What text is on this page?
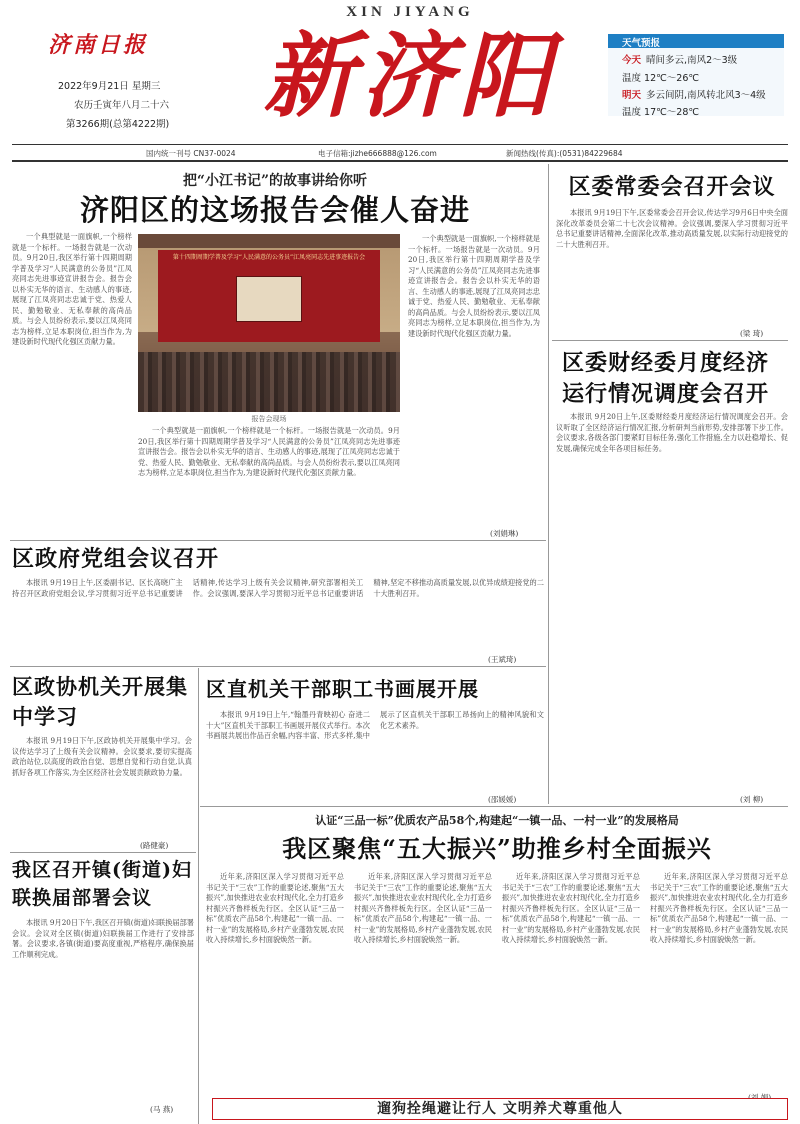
济南日报
2022年9月21日 星期三
农历壬寅年八月二十六
第3266期(总第4222期)
XIN JIYANG
新济阳	天气预报
今天 晴间多云,南风2～3级
温度 12℃～26℃
明天 多云间阴,南风转北风3～4级
温度 17℃～28℃
国内统一刊号 CN37-0024	电子信箱:jizhe666888@126.com	新闻热线(传真):(0531)84229684
把“小江书记”的故事讲给你听
济阳区的这场报告会催人奋进

一个典型就是一面旗帜,一个榜样就是一个标杆。一场报告就是一次动员。9月20日,我区举行第十四期周期学普及学习“人民满意的公务员”江凤亮同志先进事迹宣讲报告会。报告会以朴实无华的语言、生动感人的事迹,展现了江凤亮同志忠诚于党、热爱人民、勤勉敬业、无私奉献的高尚品质。与会人员纷纷表示,要以江凤亮同志为榜样,立足本职岗位,担当作为,为建设新时代现代化强区贡献力量。

第十四期周期学普及学习“人民满意的公务员”江凤亮同志先进事迹报告会
报告会现场

一个典型就是一面旗帜,一个榜样就是一个标杆。一场报告就是一次动员。9月20日,我区举行第十四期周期学普及学习“人民满意的公务员”江凤亮同志先进事迹宣讲报告会。报告会以朴实无华的语言、生动感人的事迹,展现了江凤亮同志忠诚于党、热爱人民、勤勉敬业、无私奉献的高尚品质。与会人员纷纷表示,要以江凤亮同志为榜样,立足本职岗位,担当作为,为建设新时代现代化强区贡献力量。

一个典型就是一面旗帜,一个榜样就是一个标杆。一场报告就是一次动员。9月20日,我区举行第十四期周期学普及学习“人民满意的公务员”江凤亮同志先进事迹宣讲报告会。报告会以朴实无华的语言、生动感人的事迹,展现了江凤亮同志忠诚于党、热爱人民、勤勉敬业、无私奉献的高尚品质。与会人员纷纷表示,要以江凤亮同志为榜样,立足本职岗位,担当作为,为建设新时代现代化强区贡献力量。

(刘娟琳)
区委常委会召开会议

本报讯 9月19日下午,区委常委会召开会议,传达学习9月6日中央全面深化改革委员会第二十七次会议精神。会议强调,要深入学习贯彻习近平总书记重要讲话精神,全面深化改革,推动高质量发展,以实际行动迎接党的二十大胜利召开。

(梁 琦)
区委财经委月度经济运行情况调度会召开

本报讯 9月20日上午,区委财经委月度经济运行情况调度会召开。会议听取了全区经济运行情况汇报,分析研判当前形势,安排部署下步工作。会议要求,各级各部门要紧盯目标任务,强化工作措施,全力以赴稳增长、促发展,确保完成全年各项目标任务。

(刘 柳)
区政府党组会议召开

本报讯 9月19日上午,区委副书记、区长高晓广主持召开区政府党组会议,学习贯彻习近平总书记重要讲话精神,传达学习上级有关会议精神,研究部署相关工作。会议强调,要深入学习贯彻习近平总书记重要讲话精神,坚定不移推动高质量发展,以优异成绩迎接党的二十大胜利召开。

(王斌琦)
区政协机关开展集中学习

本报讯 9月19日下午,区政协机关开展集中学习。会议传达学习了上级有关会议精神。会议要求,要切实提高政治站位,以高度的政治自觉、思想自觉和行动自觉,认真抓好各项工作落实,为全区经济社会发展贡献政协力量。

(路健豪)
区直机关干部职工书画展开展

本报讯 9月19日上午,“翰墨丹青映初心 奋进二十大”区直机关干部职工书画展开展仪式举行。本次书画展共展出作品百余幅,内容丰富、形式多样,集中展示了区直机关干部职工昂扬向上的精神风貌和文化艺术素养。

(邵媛媛)
认证“三品一标”优质农产品58个,构建起“一镇一品、一村一业”的发展格局
我区聚焦“五大振兴”助推乡村全面振兴

近年来,济阳区深入学习贯彻习近平总书记关于“三农”工作的重要论述,聚焦“五大振兴”,加快推进农业农村现代化,全力打造乡村振兴齐鲁样板先行区。全区认证“三品一标”优质农产品58个,构建起“一镇一品、一村一业”的发展格局,乡村产业蓬勃发展,农民收入持续增长,乡村面貌焕然一新。

近年来,济阳区深入学习贯彻习近平总书记关于“三农”工作的重要论述,聚焦“五大振兴”,加快推进农业农村现代化,全力打造乡村振兴齐鲁样板先行区。全区认证“三品一标”优质农产品58个,构建起“一镇一品、一村一业”的发展格局,乡村产业蓬勃发展,农民收入持续增长,乡村面貌焕然一新。

近年来,济阳区深入学习贯彻习近平总书记关于“三农”工作的重要论述,聚焦“五大振兴”,加快推进农业农村现代化,全力打造乡村振兴齐鲁样板先行区。全区认证“三品一标”优质农产品58个,构建起“一镇一品、一村一业”的发展格局,乡村产业蓬勃发展,农民收入持续增长,乡村面貌焕然一新。

近年来,济阳区深入学习贯彻习近平总书记关于“三农”工作的重要论述,聚焦“五大振兴”,加快推进农业农村现代化,全力打造乡村振兴齐鲁样板先行区。全区认证“三品一标”优质农产品58个,构建起“一镇一品、一村一业”的发展格局,乡村产业蓬勃发展,农民收入持续增长,乡村面貌焕然一新。

我区召开镇(街道)妇联换届部署会议

本报讯 9月20日下午,我区召开镇(街道)妇联换届部署会议。会议对全区镇(街道)妇联换届工作进行了安排部署。会议要求,各镇(街道)要高度重视,严格程序,确保换届工作顺利完成。

(马 燕)	遛狗拴绳避让行人 文明养犬尊重他人
